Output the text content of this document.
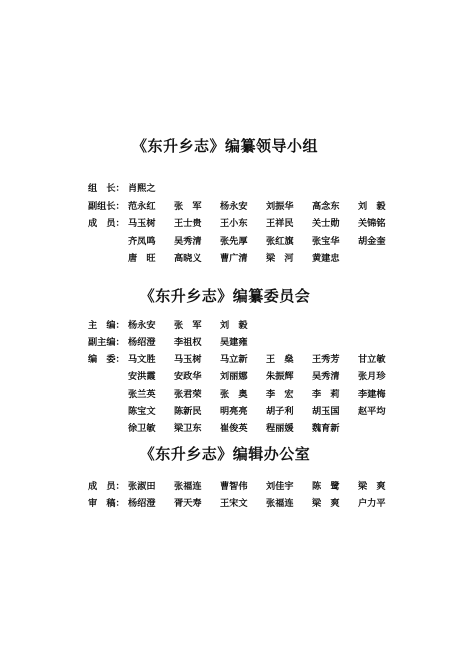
《东升乡志》编纂领导小组
组　长： 肖熙之
副组长： 范永红 张　军 杨永安 刘振华 高念东 刘　毅
成　员： 马玉树 王士贵 王小东 王祥民 关士勋 关锦铭
齐凤鸣 吴秀清 张先厚 张红旗 张宝华 胡金奎
唐　旺 高晓义 曹广清 梁　河 黄建忠
《东升乡志》编纂委员会
主　编： 杨永安 张　军 刘　毅
副主编： 杨绍澄 李祖权 吴建雍
编　委： 马文胜 马玉树 马立新 王　燊 王秀芳 甘立敏
安洪霞 安政华 刘丽娜 朱振辉 吴秀清 张月珍
张兰英 张君荣 张　奥 李　宏 李　莉 李建梅
陈宝文 陈新民 明亮亮 胡子利 胡玉国 赵平均
徐卫敏 梁卫东 崔俊英 程丽媛 魏育新
《东升乡志》编辑办公室
成　员： 张淑田 张福连 曹智伟 刘佳宇 陈　鹭 梁　爽
审　稿： 杨绍澄 胥天寿 王宋文 张福连 梁　爽 户力平
